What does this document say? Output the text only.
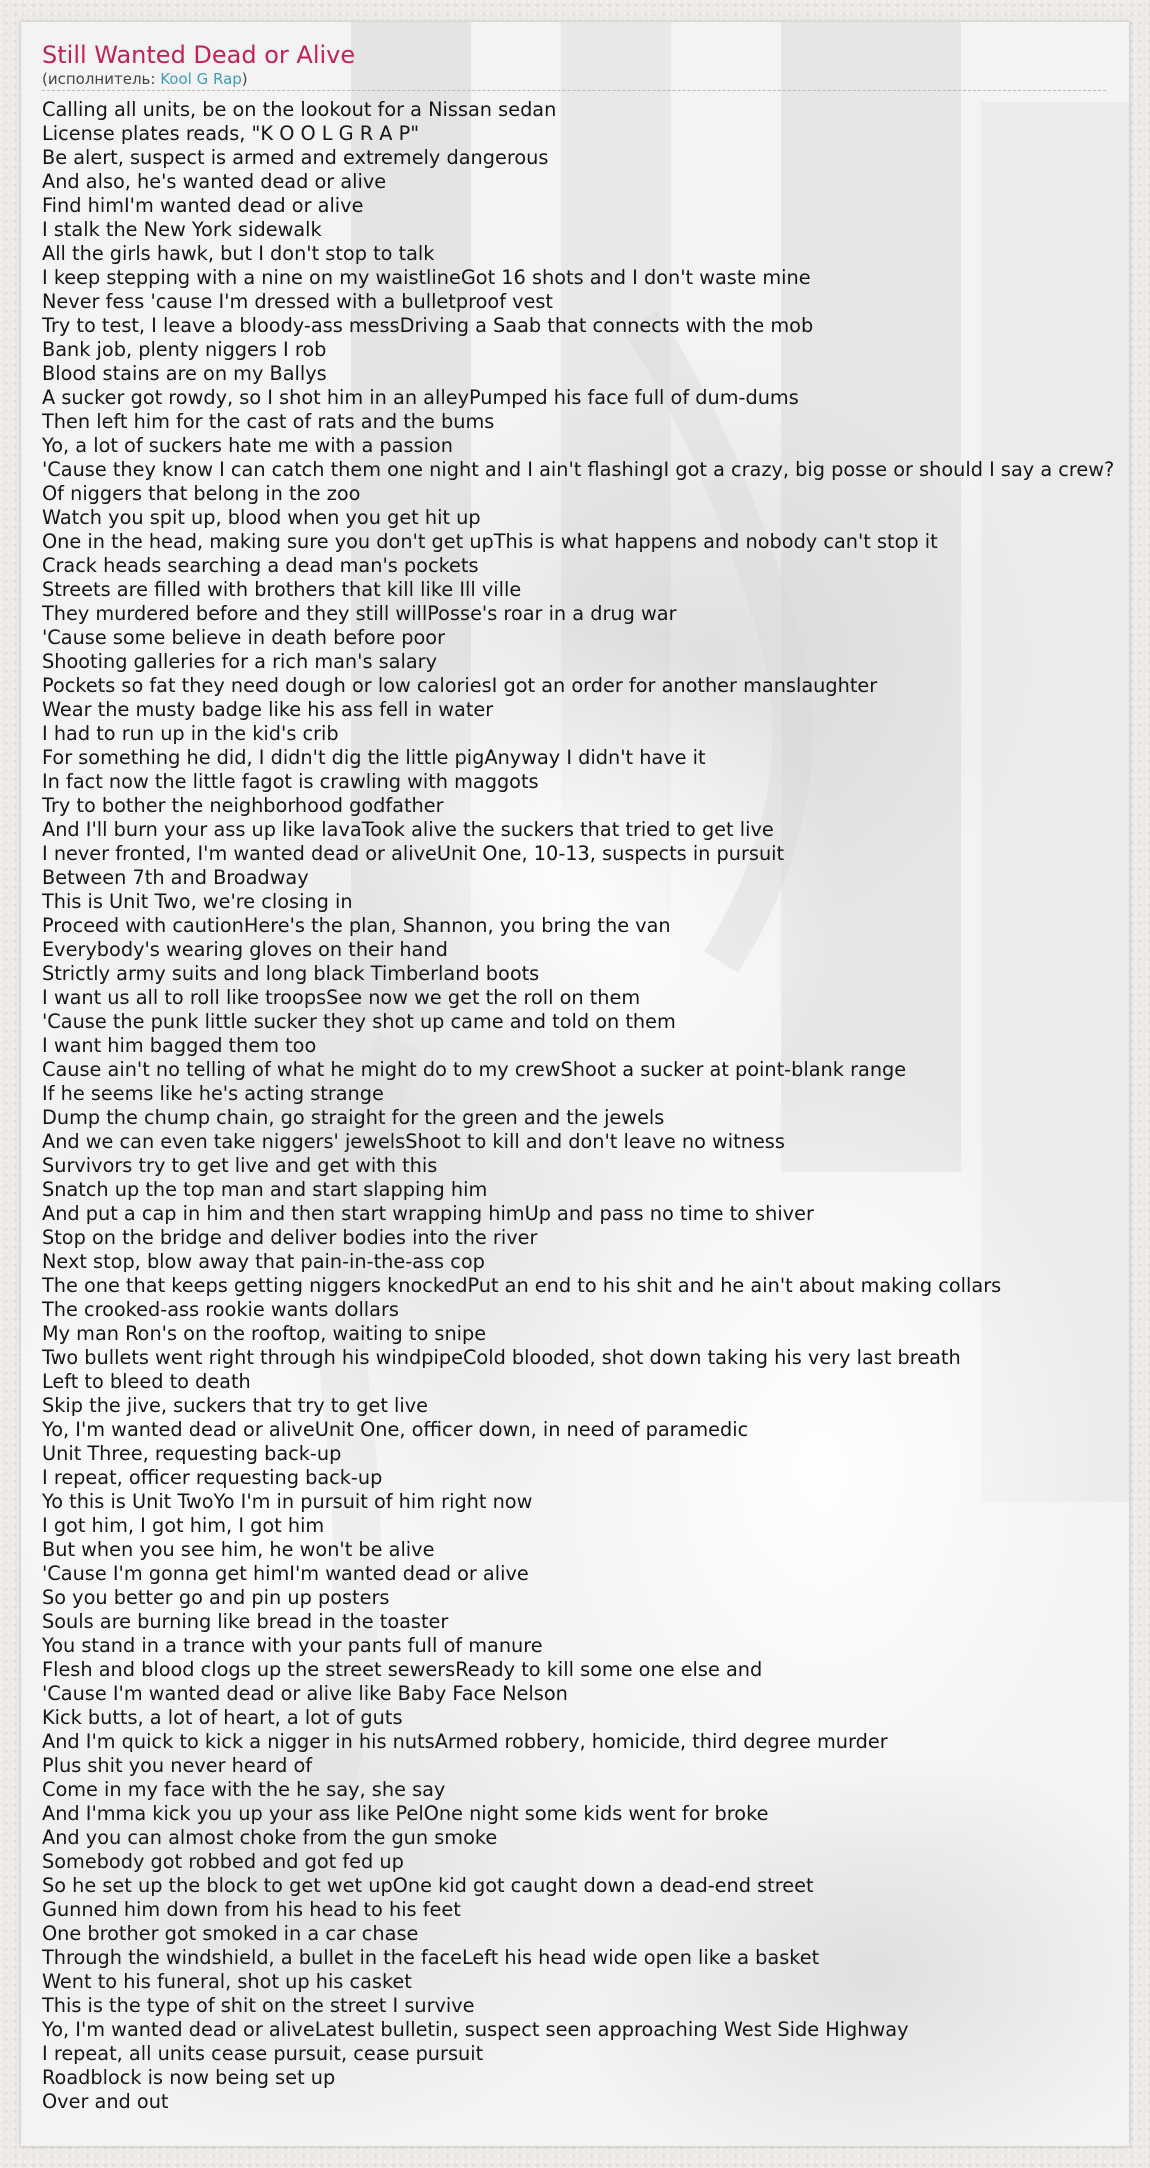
Still Wanted Dead or Alive
(исполнитель: Kool G Rap)
Calling all units, be on the lookout for a Nissan sedan
License plates reads, "K O O L G R A P"
Be alert, suspect is armed and extremely dangerous
And also, he's wanted dead or alive
Find himI'm wanted dead or alive
I stalk the New York sidewalk
All the girls hawk, but I don't stop to talk
I keep stepping with a nine on my waistlineGot 16 shots and I don't waste mine
Never fess 'cause I'm dressed with a bulletproof vest
Try to test, I leave a bloody-ass messDriving a Saab that connects with the mob
Bank job, plenty niggers I rob
Blood stains are on my Ballys
A sucker got rowdy, so I shot him in an alleyPumped his face full of dum-dums
Then left him for the cast of rats and the bums
Yo, a lot of suckers hate me with a passion
'Cause they know I can catch them one night and I ain't flashingI got a crazy, big posse or should I say a crew?
Of niggers that belong in the zoo
Watch you spit up, blood when you get hit up
One in the head, making sure you don't get upThis is what happens and nobody can't stop it
Crack heads searching a dead man's pockets
Streets are filled with brothers that kill like Ill ville
They murdered before and they still willPosse's roar in a drug war
'Cause some believe in death before poor
Shooting galleries for a rich man's salary
Pockets so fat they need dough or low caloriesI got an order for another manslaughter
Wear the musty badge like his ass fell in water
I had to run up in the kid's crib
For something he did, I didn't dig the little pigAnyway I didn't have it
In fact now the little fagot is crawling with maggots
Try to bother the neighborhood godfather
And I'll burn your ass up like lavaTook alive the suckers that tried to get live
I never fronted, I'm wanted dead or aliveUnit One, 10-13, suspects in pursuit
Between 7th and Broadway
This is Unit Two, we're closing in
Proceed with cautionHere's the plan, Shannon, you bring the van
Everybody's wearing gloves on their hand
Strictly army suits and long black Timberland boots
I want us all to roll like troopsSee now we get the roll on them
'Cause the punk little sucker they shot up came and told on them
I want him bagged them too
Cause ain't no telling of what he might do to my crewShoot a sucker at point-blank range
If he seems like he's acting strange
Dump the chump chain, go straight for the green and the jewels
And we can even take niggers' jewelsShoot to kill and don't leave no witness
Survivors try to get live and get with this
Snatch up the top man and start slapping him
And put a cap in him and then start wrapping himUp and pass no time to shiver
Stop on the bridge and deliver bodies into the river
Next stop, blow away that pain-in-the-ass cop
The one that keeps getting niggers knockedPut an end to his shit and he ain't about making collars
The crooked-ass rookie wants dollars
My man Ron's on the rooftop, waiting to snipe
Two bullets went right through his windpipeCold blooded, shot down taking his very last breath
Left to bleed to death
Skip the jive, suckers that try to get live
Yo, I'm wanted dead or aliveUnit One, officer down, in need of paramedic
Unit Three, requesting back-up
I repeat, officer requesting back-up
Yo this is Unit TwoYo I'm in pursuit of him right now
I got him, I got him, I got him
But when you see him, he won't be alive
'Cause I'm gonna get himI'm wanted dead or alive
So you better go and pin up posters
Souls are burning like bread in the toaster
You stand in a trance with your pants full of manure
Flesh and blood clogs up the street sewersReady to kill some one else and
'Cause I'm wanted dead or alive like Baby Face Nelson
Kick butts, a lot of heart, a lot of guts
And I'm quick to kick a nigger in his nutsArmed robbery, homicide, third degree murder
Plus shit you never heard of
Come in my face with the he say, she say
And I'mma kick you up your ass like PelOne night some kids went for broke
And you can almost choke from the gun smoke
Somebody got robbed and got fed up
So he set up the block to get wet upOne kid got caught down a dead-end street
Gunned him down from his head to his feet
One brother got smoked in a car chase
Through the windshield, a bullet in the faceLeft his head wide open like a basket
Went to his funeral, shot up his casket
This is the type of shit on the street I survive
Yo, I'm wanted dead or aliveLatest bulletin, suspect seen approaching West Side Highway
I repeat, all units cease pursuit, cease pursuit
Roadblock is now being set up
Over and out
